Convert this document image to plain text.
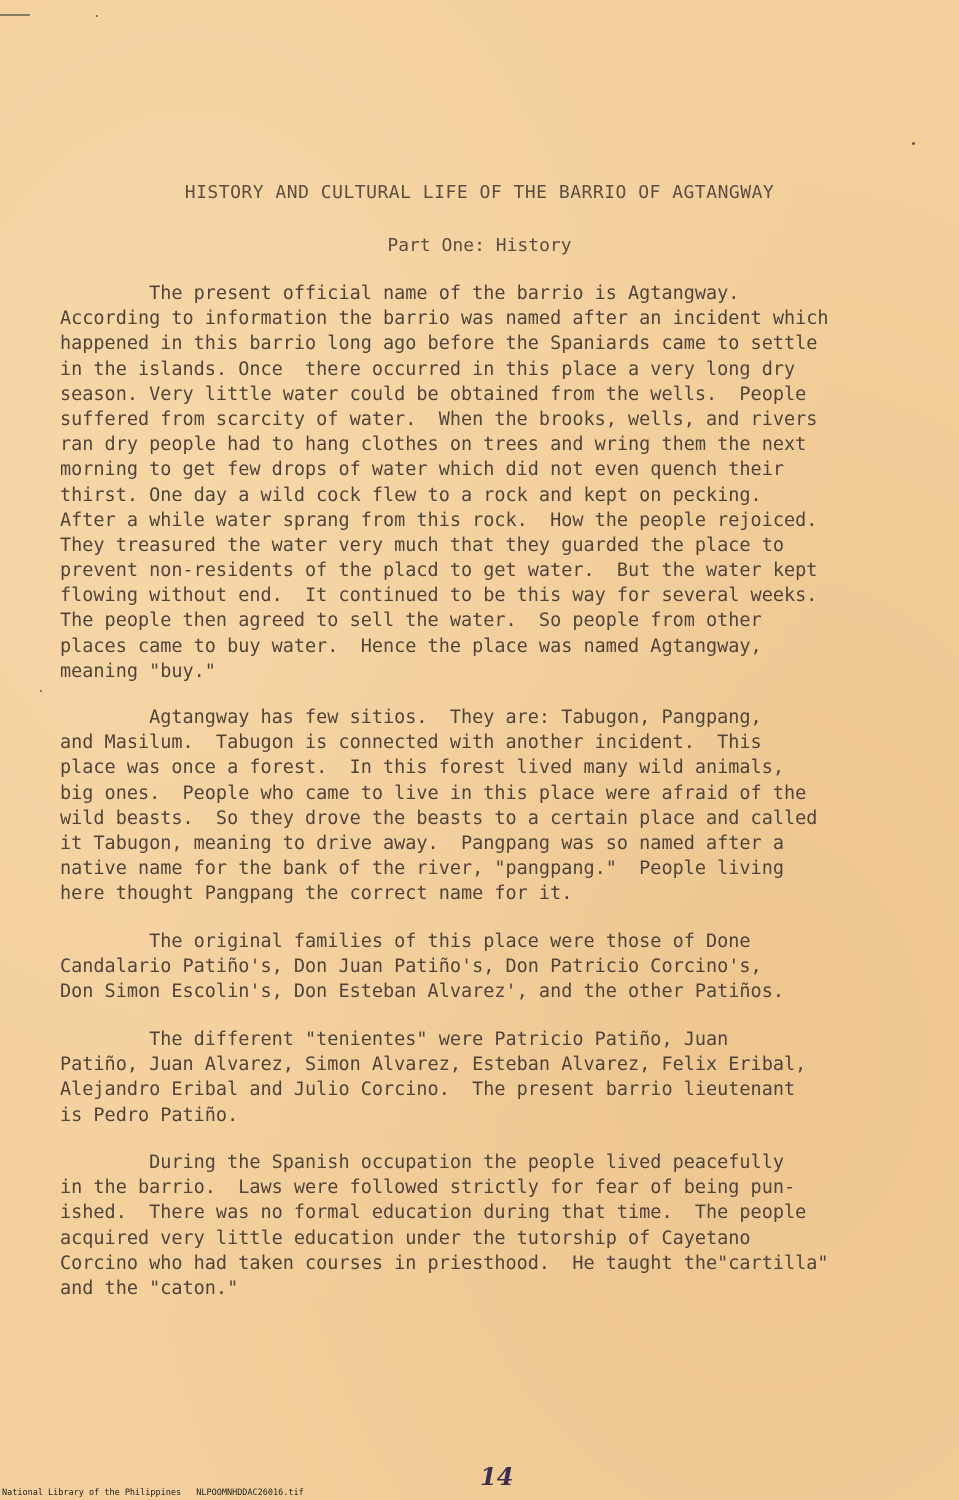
HISTORY AND CULTURAL LIFE OF THE BARRIO OF AGTANGWAY
Part One: History
The present official name of the barrio is Agtangway.
According to information the barrio was named after an incident which
happened in this barrio long ago before the Spaniards came to settle
in the islands. Once  there occurred in this place a very long dry
season. Very little water could be obtained from the wells.  People
suffered from scarcity of water.  When the brooks, wells, and rivers
ran dry people had to hang clothes on trees and wring them the next
morning to get few drops of water which did not even quench their
thirst. One day a wild cock flew to a rock and kept on pecking.
After a while water sprang from this rock.  How the people rejoiced.
They treasured the water very much that they guarded the place to
prevent non-residents of the placd to get water.  But the water kept
flowing without end.  It continued to be this way for several weeks.
The people then agreed to sell the water.  So people from other
places came to buy water.  Hence the place was named Agtangway,
meaning "buy."
Agtangway has few sitios.  They are: Tabugon, Pangpang,
and Masilum.  Tabugon is connected with another incident.  This
place was once a forest.  In this forest lived many wild animals,
big ones.  People who came to live in this place were afraid of the
wild beasts.  So they drove the beasts to a certain place and called
it Tabugon, meaning to drive away.  Pangpang was so named after a
native name for the bank of the river, "pangpang."  People living
here thought Pangpang the correct name for it.
The original families of this place were those of Done
Candalario Patiño's, Don Juan Patiño's, Don Patricio Corcino's,
Don Simon Escolin's, Don Esteban Alvarez', and the other Patiños.
The different "tenientes" were Patricio Patiño, Juan
Patiño, Juan Alvarez, Simon Alvarez, Esteban Alvarez, Felix Eribal,
Alejandro Eribal and Julio Corcino.  The present barrio lieutenant
is Pedro Patiño.
During the Spanish occupation the people lived peacefully
in the barrio.  Laws were followed strictly for fear of being pun-
ished.  There was no formal education during that time.  The people
acquired very little education under the tutorship of Cayetano
Corcino who had taken courses in priesthood.  He taught the"cartilla"
and the "caton."
14
National Library of the Philippines NLPOOMNHDDAC26016.tif
